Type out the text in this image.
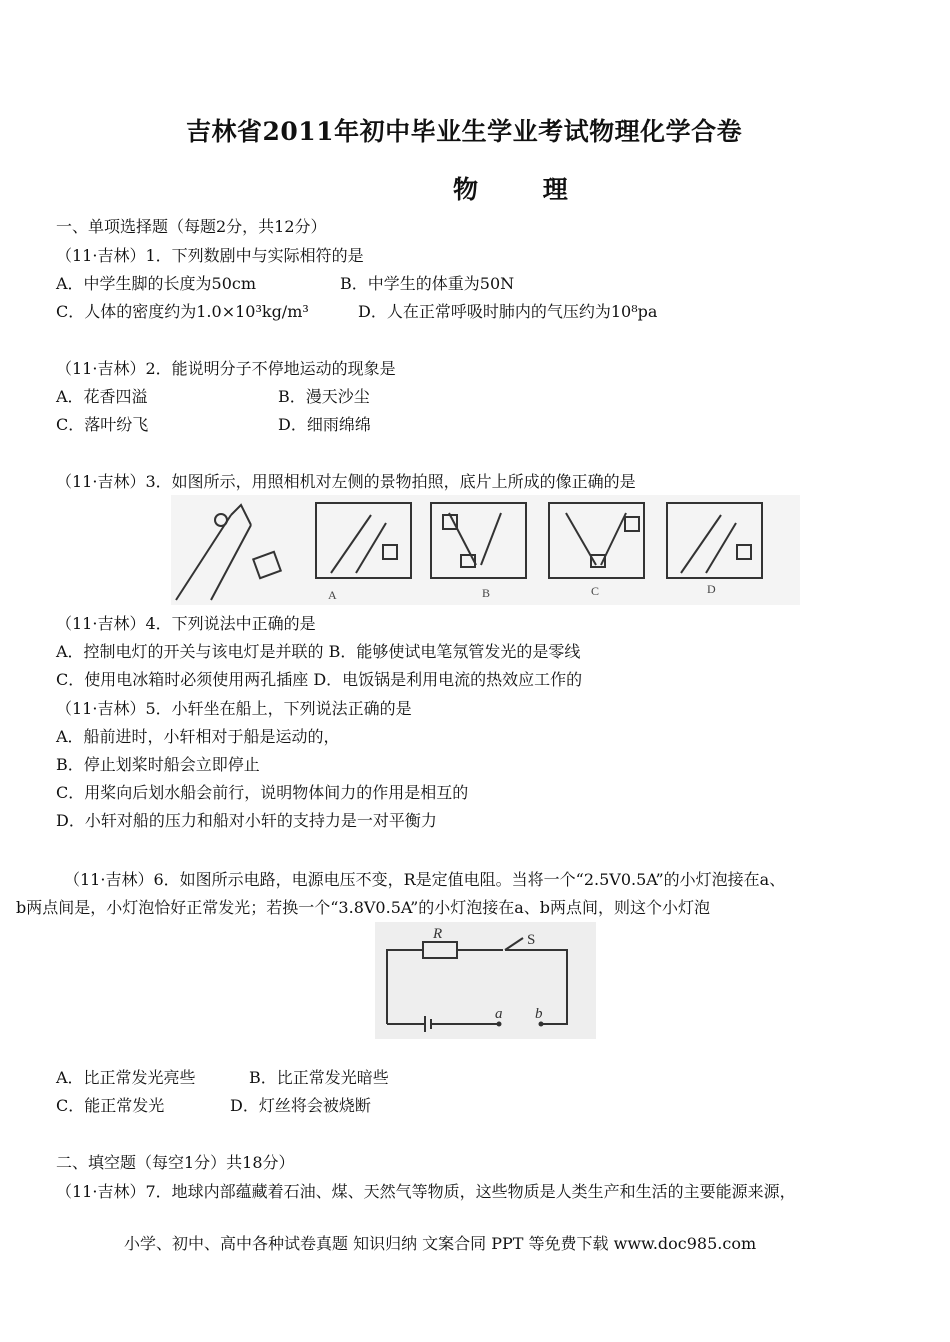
吉林省2011年初中毕业生学业考试物理化学合卷
物 理
一、单项选择题（每题2分，共12分）
（11·吉林）1．下列数剧中与实际相符的是
A．中学生脚的长度为50cm	B．中学生的体重为50N
C．人体的密度约为1.0×10³kg/m³	D．人在正常呼吸时肺内的气压约为10⁸pa
（11·吉林）2．能说明分子不停地运动的现象是
A．花香四溢	B．漫天沙尘
C．落叶纷飞	D．细雨绵绵
（11·吉林）3．如图所示，用照相机对左侧的景物拍照，底片上所成的像正确的是
A	B	C	D
（11·吉林）4．下列说法中正确的是
A．控制电灯的开关与该电灯是并联的 B．能够使试电笔氖管发光的是零线
C．使用电冰箱时必须使用两孔插座 D．电饭锅是利用电流的热效应工作的
（11·吉林）5．小轩坐在船上，下列说法正确的是
A．船前进时，小轩相对于船是运动的，
B．停止划桨时船会立即停止
C．用桨向后划水船会前行，说明物体间力的作用是相互的
D．小轩对船的压力和船对小轩的支持力是一对平衡力
（11·吉林）6．如图所示电路，电源电压不变，R是定值电阻。当将一个“2.5V0.5A”的小灯泡接在a、
b两点间是，小灯泡恰好正常发光；若换一个“3.8V0.5A”的小灯泡接在a、b两点间，则这个小灯泡
R	S
a b
A．比正常发光亮些	B．比正常发光暗些
C．能正常发光	D．灯丝将会被烧断
二、填空题（每空1分）共18分）
（11·吉林）7．地球内部蕴藏着石油、煤、天然气等物质，这些物质是人类生产和生活的主要能源来源，
小学、初中、高中各种试卷真题 知识归纳 文案合同 PPT 等免费下载 www.doc985.com
